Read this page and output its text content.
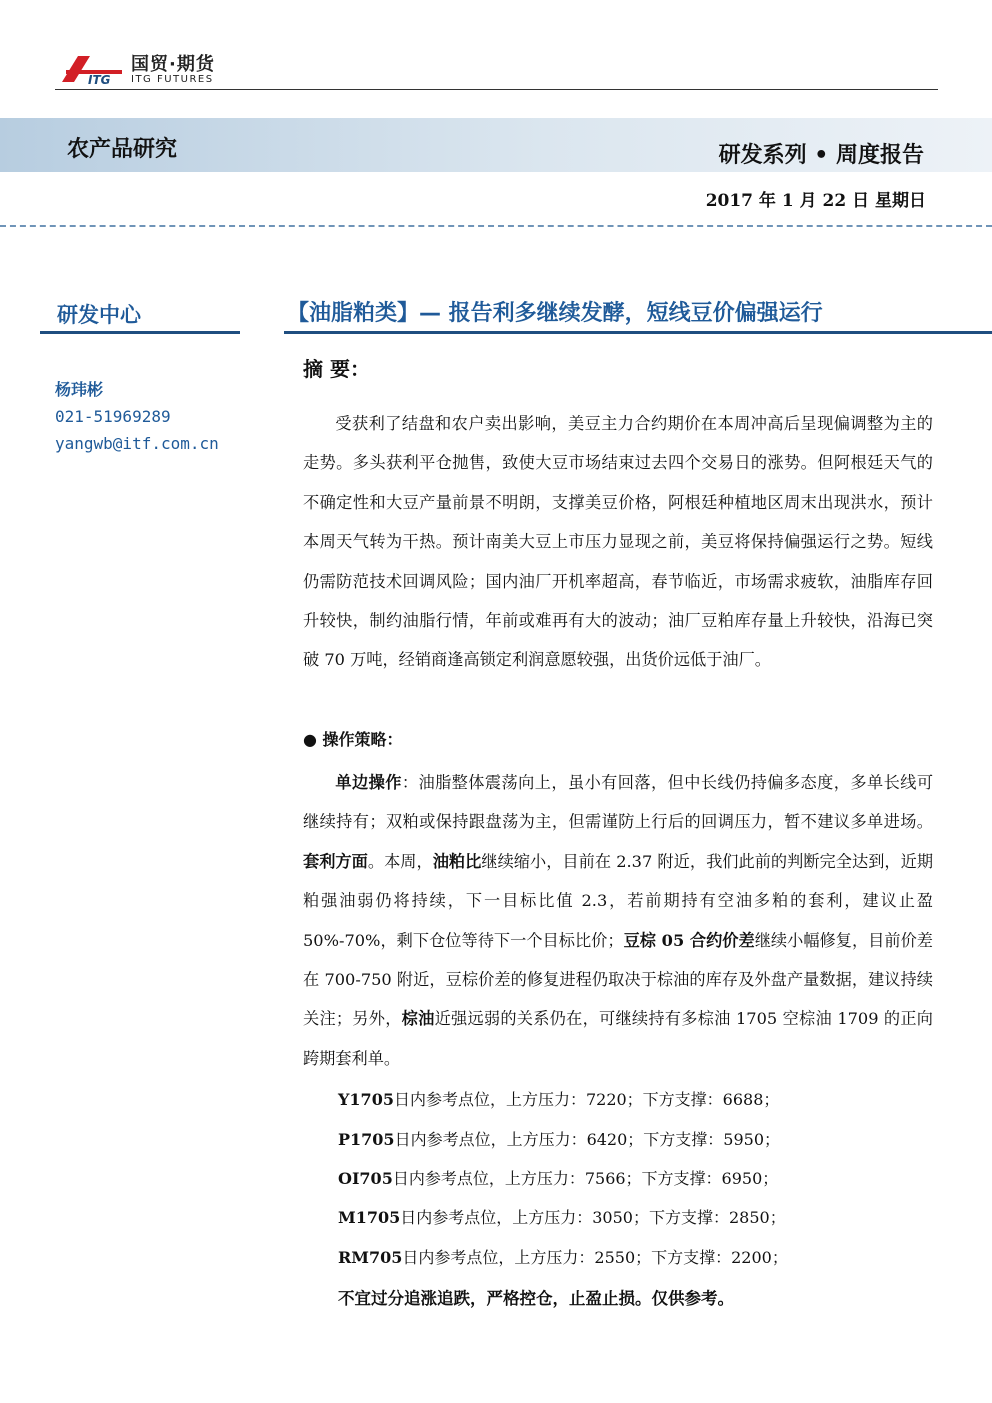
ITG
国贸·期货
ITG FUTURES
农产品研究	研发系列 • 周度报告
2017 年 1 月 22 日 星期日
研发中心
杨玮彬
021-51969289
yangwb@itf.com.cn
【油脂粕类】— 报告利多继续发酵，短线豆价偏强运行
摘 要：

受获利了结盘和农户卖出影响，美豆主力合约期价在本周冲高后呈现偏调整为主的走势。多头获利平仓抛售，致使大豆市场结束过去四个交易日的涨势。但阿根廷天气的不确定性和大豆产量前景不明朗，支撑美豆价格，阿根廷种植地区周末出现洪水，预计本周天气转为干热。预计南美大豆上市压力显现之前，美豆将保持偏强运行之势。短线仍需防范技术回调风险；国内油厂开机率超高，春节临近，市场需求疲软，油脂库存回升较快，制约油脂行情，年前或难再有大的波动；油厂豆粕库存量上升较快，沿海已突破 70 万吨，经销商逢高锁定利润意愿较强，出货价远低于油厂。

● 操作策略：

单边操作：油脂整体震荡向上，虽小有回落，但中长线仍持偏多态度，多单长线可继续持有；双粕或保持跟盘荡为主，但需谨防上行后的回调压力，暂不建议多单进场。套利方面。本周，油粕比继续缩小，目前在 2.37 附近，我们此前的判断完全达到，近期粕强油弱仍将持续，下一目标比值 2.3，若前期持有空油多粕的套利，建议止盈 50%-70%，剩下仓位等待下一个目标比价；豆棕 05 合约价差继续小幅修复，目前价差在 700-750 附近，豆棕价差的修复进程仍取决于棕油的库存及外盘产量数据，建议持续关注；另外，棕油近强远弱的关系仍在，可继续持有多棕油 1705 空棕油 1709 的正向跨期套利单。

Y1705日内参考点位，上方压力：7220；下方支撑：6688；
P1705日内参考点位，上方压力：6420；下方支撑：5950；
OI705日内参考点位，上方压力：7566；下方支撑：6950；
M1705日内参考点位，上方压力：3050；下方支撑：2850；
RM705日内参考点位，上方压力：2550；下方支撑：2200；
不宜过分追涨追跌，严格控仓，止盈止损。仅供参考。
